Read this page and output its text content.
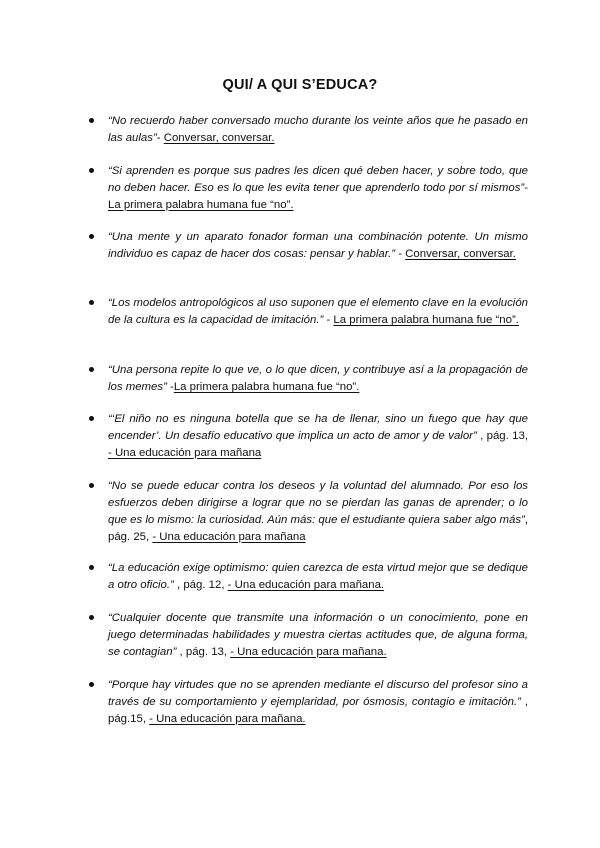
QUI/ A QUI S’EDUCA?
“No recuerdo haber conversado mucho durante los veinte años que he pasado en las aulas”- Conversar, conversar.
“Si aprenden es porque sus padres les dicen qué deben hacer, y sobre todo, que no deben hacer. Eso es lo que les evita tener que aprenderlo todo por sí mismos”- La primera palabra humana fue “no”.
“Una mente y un aparato fonador forman una combinación potente. Un mismo individuo es capaz de hacer dos cosas: pensar y hablar.” - Conversar, conversar.
“Los modelos antropológicos al uso suponen que el elemento clave en la evolución de la cultura es la capacidad de imitación.” - La primera palabra humana fue “no”.
“Una persona repite lo que ve, o lo que dicen, y contribuye así a la propagación de los memes” -La primera palabra humana fue “no”.
“‘El niño no es ninguna botella que se ha de llenar, sino un fuego que hay que encender’. Un desafío educativo que implica un acto de amor y de valor” , pág. 13, - Una educación para mañana
“No se puede educar contra los deseos y la voluntad del alumnado. Por eso los esfuerzos deben dirigirse a lograr que no se pierdan las ganas de aprender; o lo que es lo mismo: la curiosidad. Aún más: que el estudiante quiera saber algo más”, pág. 25, - Una educación para mañana
“La educación exige optimismo: quien carezca de esta virtud mejor que se dedique a otro oficio.” , pág. 12, - Una educación para mañana.
“Cualquier docente que transmite una información o un conocimiento, pone en juego determinadas habilidades y muestra ciertas actitudes que, de alguna forma, se contagian” , pág. 13, - Una educación para mañana.
“Porque hay virtudes que no se aprenden mediante el discurso del profesor sino a través de su comportamiento y ejemplaridad, por ósmosis, contagio e imitación.” , pág.15, - Una educación para mañana.
